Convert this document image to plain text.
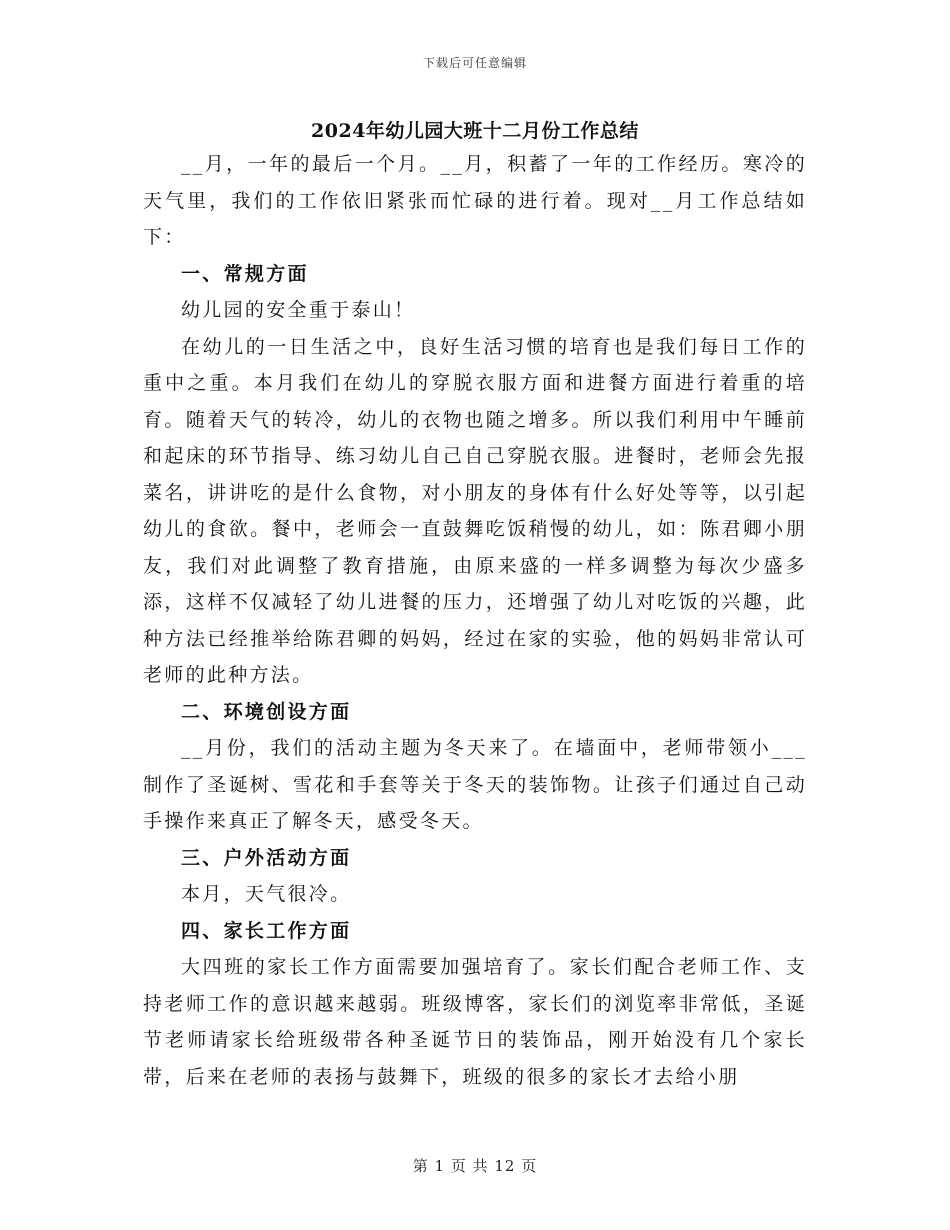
下载后可任意编辑
2024年幼儿园大班十二月份工作总结

__月，一年的最后一个月。__月，积蓄了一年的工作经历。寒冷的天气里，我们的工作依旧紧张而忙碌的进行着。现对__月工作总结如下：

一、常规方面

幼儿园的安全重于泰山！

在幼儿的一日生活之中，良好生活习惯的培育也是我们每日工作的重中之重。本月我们在幼儿的穿脱衣服方面和进餐方面进行着重的培育。随着天气的转冷，幼儿的衣物也随之增多。所以我们利用中午睡前和起床的环节指导、练习幼儿自己自己穿脱衣服。进餐时，老师会先报菜名，讲讲吃的是什么食物，对小朋友的身体有什么好处等等，以引起幼儿的食欲。餐中，老师会一直鼓舞吃饭稍慢的幼儿，如：陈君卿小朋友，我们对此调整了教育措施，由原来盛的一样多调整为每次少盛多添，这样不仅减轻了幼儿进餐的压力，还增强了幼儿对吃饭的兴趣，此种方法已经推举给陈君卿的妈妈，经过在家的实验，他的妈妈非常认可老师的此种方法。

二、环境创设方面

__月份，我们的活动主题为冬天来了。在墙面中，老师带领小___制作了圣诞树、雪花和手套等关于冬天的装饰物。让孩子们通过自己动手操作来真正了解冬天，感受冬天。

三、户外活动方面

本月，天气很冷。

四、家长工作方面

大四班的家长工作方面需要加强培育了。家长们配合老师工作、支持老师工作的意识越来越弱。班级博客，家长们的浏览率非常低，圣诞节老师请家长给班级带各种圣诞节日的装饰品，刚开始没有几个家长带，后来在老师的表扬与鼓舞下，班级的很多的家长才去给小朋

第 1 页 共 12 页
